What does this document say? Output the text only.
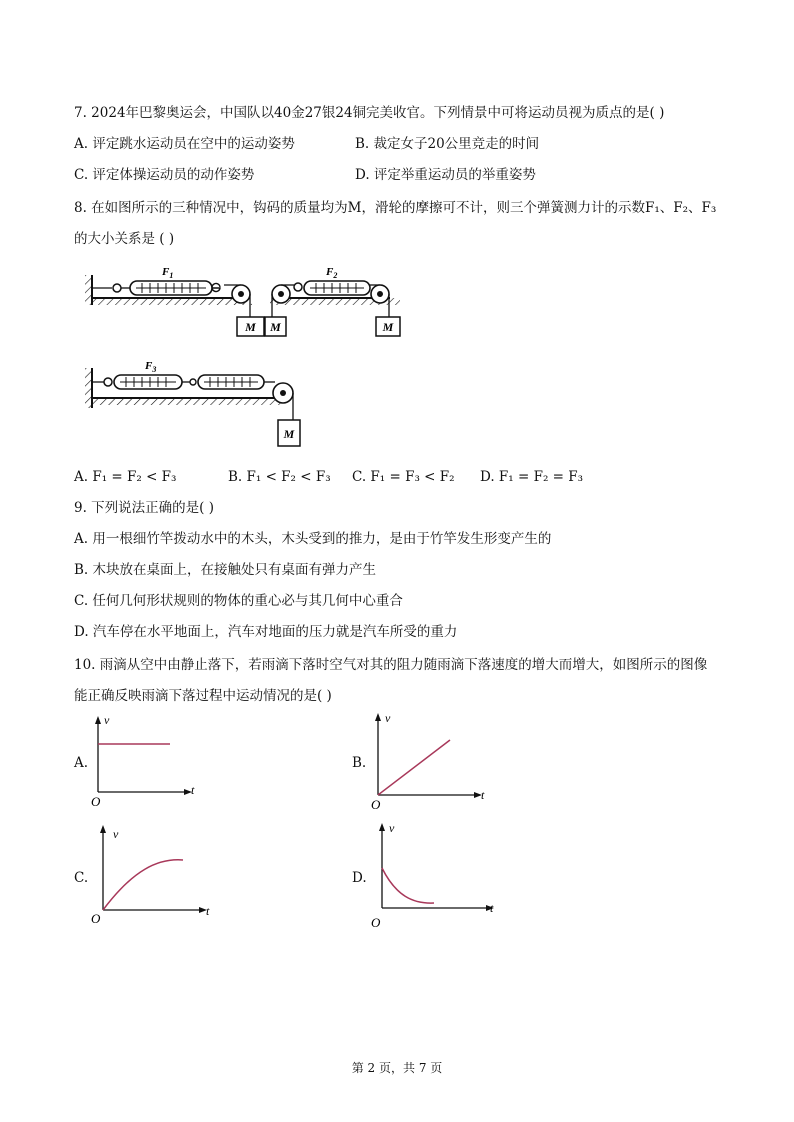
7. 2024年巴黎奥运会，中国队以40金27银24铜完美收官。下列情景中可将运动员视为质点的是( )
A. 评定跳水运动员在空中的运动姿势	B. 裁定女子20公里竞走的时间
C. 评定体操运动员的动作姿势	D. 评定举重运动员的举重姿势
8. 在如图所示的三种情况中，钩码的质量均为M，滑轮的摩擦可不计，则三个弹簧测力计的示数F₁、F₂、F₃
的大小关系是 ( )
M
$F_1$
M	M
$F_2$
M
$F_3$
A. F₁ = F₂ < F₃	B. F₁ < F₂ < F₃ C. F₁ = F₃ < F₂ D. F₁ = F₂ = F₃
9. 下列说法正确的是( )
A. 用一根细竹竿拨动水中的木头，木头受到的推力，是由于竹竿发生形变产生的
B. 木块放在桌面上，在接触处只有桌面有弹力产生
C. 任何几何形状规则的物体的重心必与其几何中心重合
D. 汽车停在水平地面上，汽车对地面的压力就是汽车所受的重力
10. 雨滴从空中由静止落下，若雨滴下落时空气对其的阻力随雨滴下落速度的增大而增大，如图所示的图像
能正确反映雨滴下落过程中运动情况的是( )
A.
v
t
O
B.
v
t
O
C.
v
t
O
D.
v
t
O
第 2 页，共 7 页
